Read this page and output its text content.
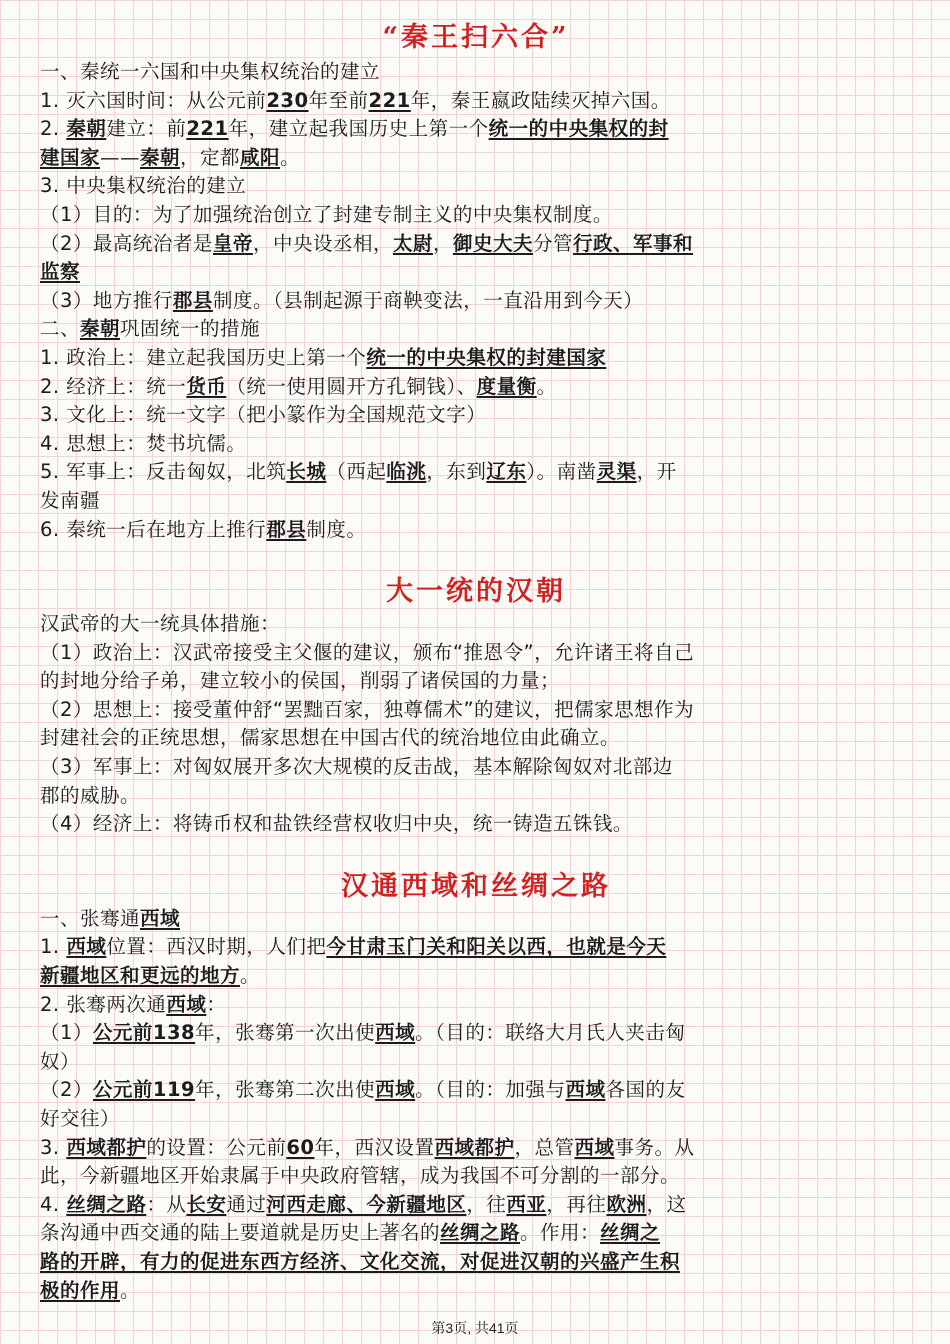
“秦王扫六合”
一、秦统一六国和中央集权统治的建立
1. 灭六国时间：从公元前230年至前221年，秦王嬴政陆续灭掉六国。
2. 秦朝建立：前221年，建立起我国历史上第一个统一的中央集权的封
建国家——秦朝，定都咸阳。
3. 中央集权统治的建立
（1）目的：为了加强统治创立了封建专制主义的中央集权制度。
（2）最高统治者是皇帝，中央设丞相，太尉，御史大夫分管行政、军事和
监察
（3）地方推行郡县制度。（县制起源于商鞅变法，一直沿用到今天）
二、秦朝巩固统一的措施
1. 政治上：建立起我国历史上第一个统一的中央集权的封建国家
2. 经济上：统一货币（统一使用圆开方孔铜钱）、度量衡。
3. 文化上：统一文字（把小篆作为全国规范文字）
4. 思想上：焚书坑儒。
5. 军事上：反击匈奴，北筑长城（西起临洮，东到辽东）。南凿灵渠，开
发南疆
6. 秦统一后在地方上推行郡县制度。
大一统的汉朝
汉武帝的大一统具体措施：
（1）政治上：汉武帝接受主父偃的建议，颁布“推恩令”，允许诸王将自己
的封地分给子弟，建立较小的侯国，削弱了诸侯国的力量；
（2）思想上：接受董仲舒“罢黜百家，独尊儒术”的建议，把儒家思想作为
封建社会的正统思想，儒家思想在中国古代的统治地位由此确立。
（3）军事上：对匈奴展开多次大规模的反击战，基本解除匈奴对北部边
郡的威胁。
（4）经济上：将铸币权和盐铁经营权收归中央，统一铸造五铢钱。
汉通西域和丝绸之路
一、张骞通西域
1. 西域位置：西汉时期，人们把今甘肃玉门关和阳关以西，也就是今天
新疆地区和更远的地方。
2. 张骞两次通西域：
（1）公元前138年，张骞第一次出使西域。（目的：联络大月氏人夹击匈
奴）
（2）公元前119年，张骞第二次出使西域。（目的：加强与西域各国的友
好交往）
3. 西域都护的设置：公元前60年，西汉设置西域都护，总管西域事务。从
此，今新疆地区开始隶属于中央政府管辖，成为我国不可分割的一部分。
4. 丝绸之路：从长安通过河西走廊、今新疆地区，往西亚，再往欧洲，这
条沟通中西交通的陆上要道就是历史上著名的丝绸之路。作用：丝绸之
路的开辟，有力的促进东西方经济、文化交流，对促进汉朝的兴盛产生积
极的作用。
第3页, 共41页
